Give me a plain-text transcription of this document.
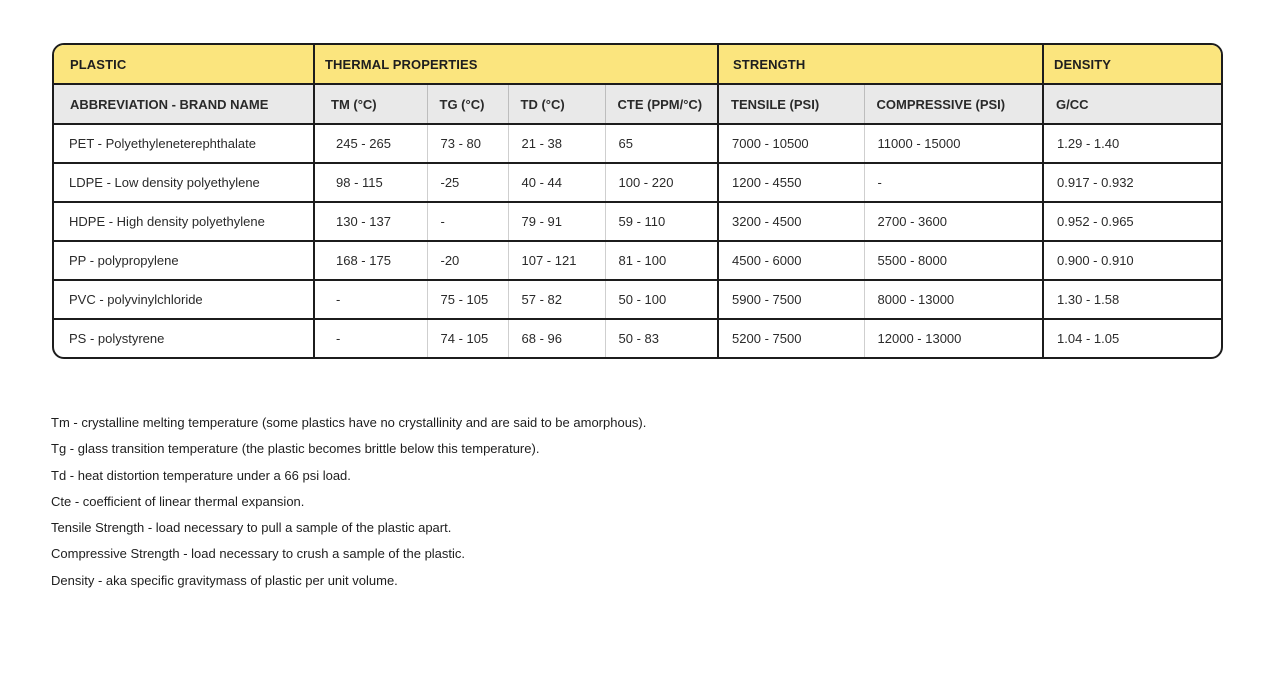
PLASTIC	THERMAL PROPERTIES				STRENGTH		DENSITY
ABBREVIATION - BRAND NAME	TM (°C)	TG (°C)	TD (°C)	CTE (PPM/°C)	TENSILE (PSI)	COMPRESSIVE (PSI)	G/CC
PET - Polyethyleneterephthalate	245 - 265	73 - 80	21 - 38	65	7000 - 10500	11000 - 15000	1.29 - 1.40
LDPE - Low density polyethylene	98 - 115	-25	40 - 44	100 - 220	1200 - 4550	-	0.917 - 0.932
HDPE - High density polyethylene	130 - 137	-	79 - 91	59 - 110	3200 - 4500	2700 - 3600	0.952 - 0.965
PP - polypropylene	168 - 175	-20	107 - 121	81 - 100	4500 - 6000	5500 - 8000	0.900 - 0.910
PVC - polyvinylchloride	-	75 - 105	57 - 82	50 - 100	5900 - 7500	8000 - 13000	1.30 - 1.58
PS - polystyrene	-	74 - 105	68 - 96	50 - 83	5200 - 7500	12000 - 13000	1.04 - 1.05
Tm - crystalline melting temperature (some plastics have no crystallinity and are said to be amorphous).
Tg - glass transition temperature (the plastic becomes brittle below this temperature).
Td - heat distortion temperature under a 66 psi load.
Cte - coefficient of linear thermal expansion.
Tensile Strength - load necessary to pull a sample of the plastic apart.
Compressive Strength - load necessary to crush a sample of the plastic.
Density - aka specific gravitymass of plastic per unit volume.
